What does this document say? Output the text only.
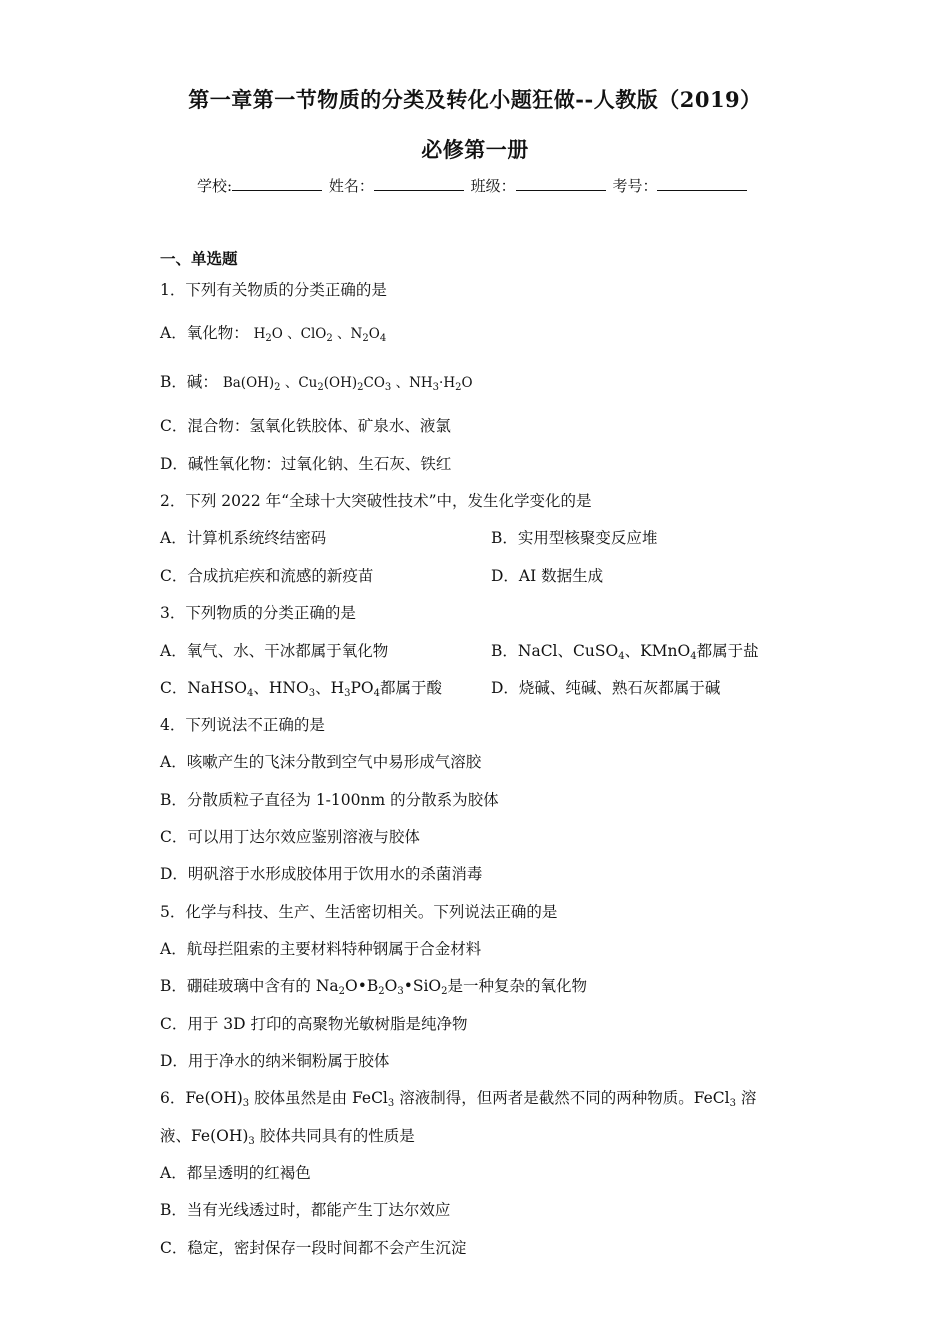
第一章第一节物质的分类及转化小题狂做--人教版（2019）
必修第一册
学校:	姓名：	班级：	考号：
一、单选题
1．下列有关物质的分类正确的是
A．氧化物： $H_2O$ 、ClO$_2$ 、$N_2O_4$
B．碱： $Ba(OH)_2$ 、$Cu_2(OH)_2CO_3$ 、$NH_3\cdot H_2O$
C．混合物：氢氧化铁胶体、矿泉水、液氯
D．碱性氧化物：过氧化钠、生石灰、铁红
2．下列 2022 年“全球十大突破性技术”中，发生化学变化的是
A．计算机系统终结密码	B．实用型核聚变反应堆
C．合成抗疟疾和流感的新疫苗	D．AI 数据生成
3．下列物质的分类正确的是
A．氧气、水、干冰都属于氧化物	B．NaCl、CuSO$_4$、KMnO$_4$都属于盐
C．NaHSO$_4$、$HNO_3$、$H_3PO_4$都属于酸	D．烧碱、纯碱、熟石灰都属于碱
4．下列说法不正确的是
A．咳嗽产生的飞沫分散到空气中易形成气溶胶
B．分散质粒子直径为 1-100nm 的分散系为胶体
C．可以用丁达尔效应鉴别溶液与胶体
D．明矾溶于水形成胶体用于饮用水的杀菌消毒
5．化学与科技、生产、生活密切相关。下列说法正确的是
A．航母拦阻索的主要材料特种钢属于合金材料
B．硼硅玻璃中含有的 $Na_2O•B_2O_3•SiO_2$是一种复杂的氧化物
C．用于 3D 打印的高聚物光敏树脂是纯净物
D．用于净水的纳米铜粉属于胶体
6．$Fe(OH)_3$ 胶体虽然是由 FeCl$_3$ 溶液制得，但两者是截然不同的两种物质。FeCl$_3$ 溶
液、$Fe(OH)_3$ 胶体共同具有的性质是
A．都呈透明的红褐色
B．当有光线透过时，都能产生丁达尔效应
C．稳定，密封保存一段时间都不会产生沉淀
